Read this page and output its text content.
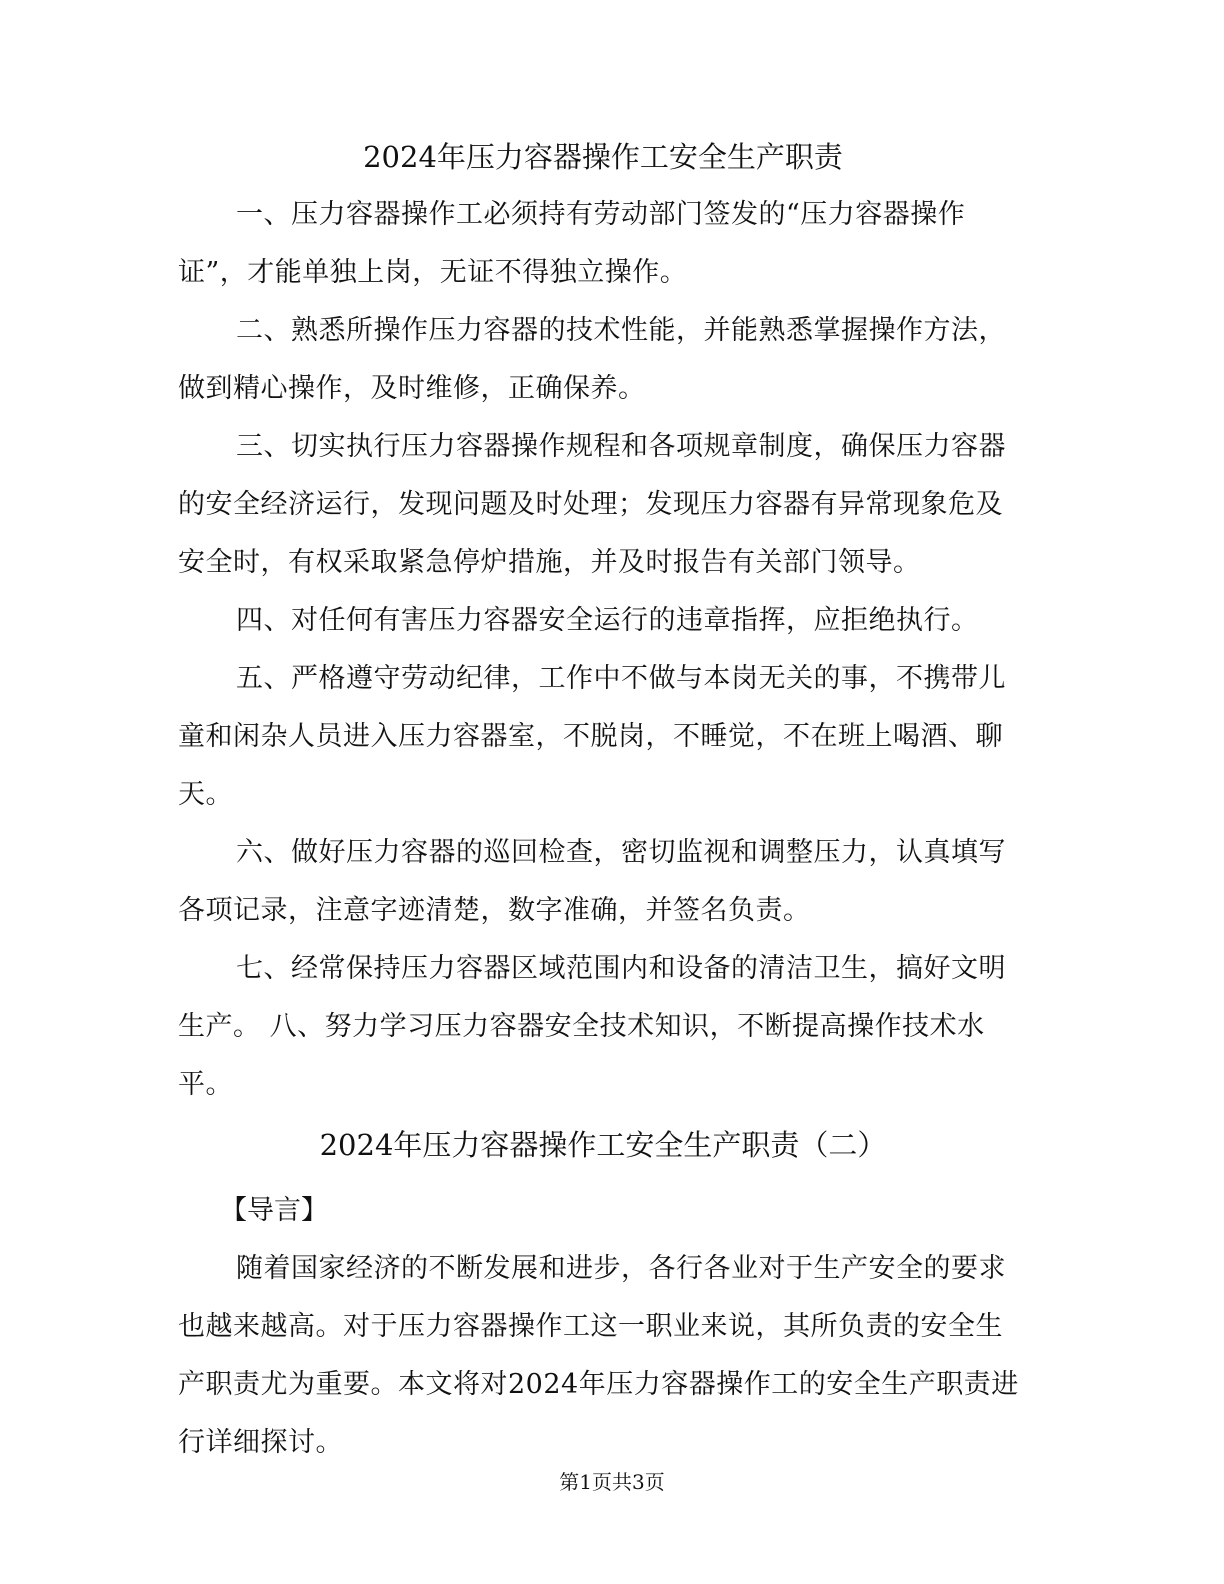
2024年压力容器操作工安全生产职责

一、压力容器操作工必须持有劳动部门签发的“压力容器操作证”，才能单独上岗，无证不得独立操作。

二、熟悉所操作压力容器的技术性能，并能熟悉掌握操作方法，做到精心操作，及时维修，正确保养。

三、切实执行压力容器操作规程和各项规章制度，确保压力容器的安全经济运行，发现问题及时处理；发现压力容器有异常现象危及安全时，有权采取紧急停炉措施，并及时报告有关部门领导。

四、对任何有害压力容器安全运行的违章指挥，应拒绝执行。

五、严格遵守劳动纪律，工作中不做与本岗无关的事，不携带儿童和闲杂人员进入压力容器室，不脱岗，不睡觉，不在班上喝酒、聊天。

六、做好压力容器的巡回检查，密切监视和调整压力，认真填写各项记录，注意字迹清楚，数字准确，并签名负责。

七、经常保持压力容器区域范围内和设备的清洁卫生，搞好文明生产。 八、努力学习压力容器安全技术知识，不断提高操作技术水平。

2024年压力容器操作工安全生产职责（二）

【导言】

随着国家经济的不断发展和进步，各行各业对于生产安全的要求也越来越高。对于压力容器操作工这一职业来说，其所负责的安全生产职责尤为重要。本文将对2024年压力容器操作工的安全生产职责进行详细探讨。

第1页共3页
